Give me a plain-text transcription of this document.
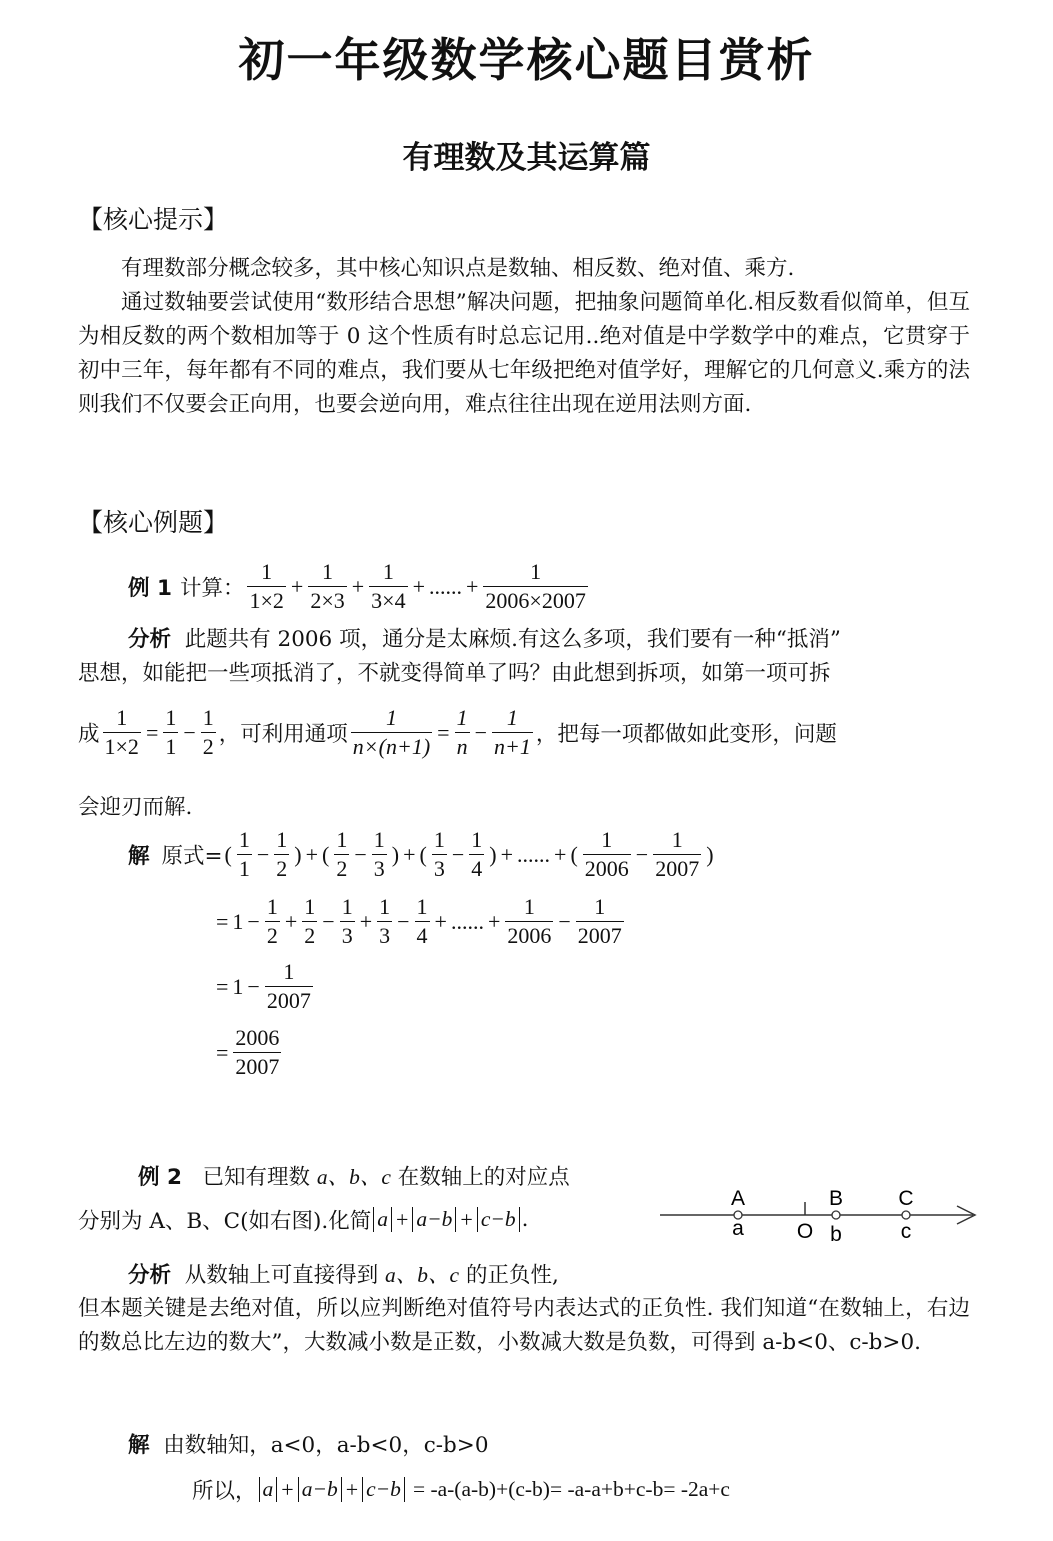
初一年级数学核心题目赏析
有理数及其运算篇
【核心提示】
有理数部分概念较多，其中核心知识点是数轴、相反数、绝对值、乘方.
通过数轴要尝试使用“数形结合思想”解决问题，把抽象问题简单化.相反数看似简单，但互为相反数的两个数相加等于 0 这个性质有时总忘记用..绝对值是中学数学中的难点，它贯穿于初中三年，每年都有不同的难点，我们要从七年级把绝对值学好，理解它的几何意义.乘方的法则我们不仅要会正向用，也要会逆向用，难点往往出现在逆用法则方面.
【核心例题】
例 1 计算： $\frac{1}{1\times 2} + \frac{1}{2\times 3} + \frac{1}{3\times 4}$ + ...... + $\frac{1}{2006\times 2007}$
分析 此题共有 2006 项，通分是太麻烦.有这么多项，我们要有一种“抵消”
思想，如能把一些项抵消了，不就变得简单了吗？由此想到拆项，如第一项可拆
成 $\frac{1}{1\times 2} = \frac{1}{1} - \frac{1}{2}$ ，可利用通项 $\frac{1}{n\times(n+1)} = \frac{1}{n} - \frac{1}{n+1}$ ，把每一项都做如此变形，问题
会迎刃而解.
解 原式= ( $\frac{1}{1} - \frac{1}{2}$ ) + ( $\frac{1}{2} - \frac{1}{3}$ ) + ( $\frac{1}{3} - \frac{1}{4}$ ) + ...... + ( $\frac{1}{2006} - \frac{1}{2007}$ )
= $1 - \frac{1}{2} + \frac{1}{2} - \frac{1}{3} + \frac{1}{3} - \frac{1}{4}$ + ...... + $\frac{1}{2006} - \frac{1}{2007}$
= $1 - \frac{1}{2007}$
= $\frac{2006}{2007}$
例 2 已知有理数 a、b、c 在数轴上的对应点
分别为 A、B、C(如右图).化简 a + a−b + c−b .
A	B	C
a	O b	c
分析 从数轴上可直接得到 a、b、c 的正负性,
但本题关键是去绝对值，所以应判断绝对值符号内表达式的正负性. 我们知道“在数轴上，右边的数总比左边的数大”，大数减小数是正数，小数减大数是负数，可得到 a-b<0、c-b>0.
解 由数轴知，a<0，a-b<0，c-b>0
所以， a + a−b + c−b = -a-(a-b)+(c-b)= -a-a+b+c-b= -2a+c
